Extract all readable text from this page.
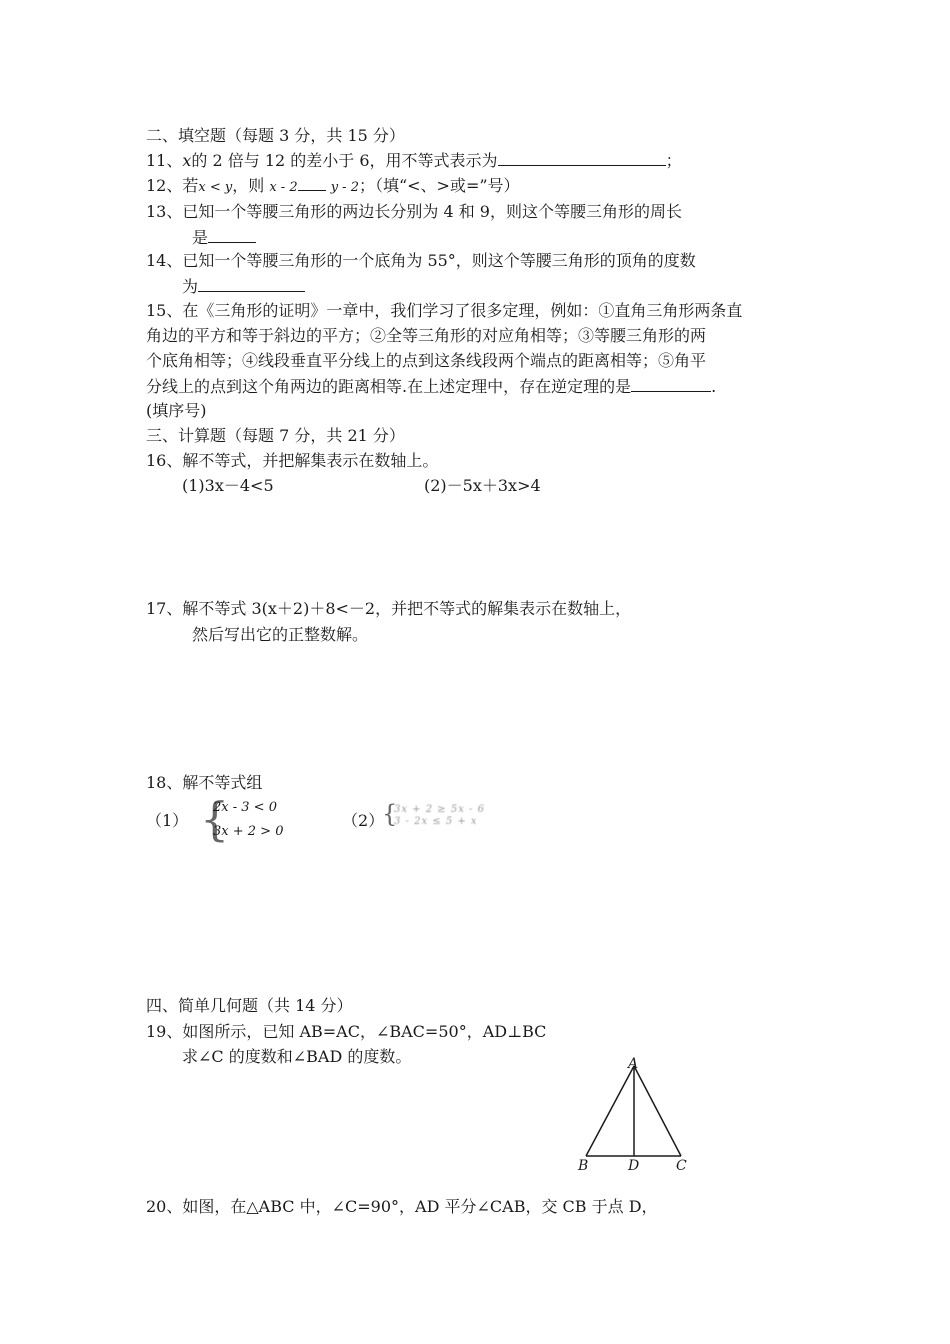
二、填空题（每题 3 分，共 15 分）
11、x的 2 倍与 12 的差小于 6，用不等式表示为	；
12、若x < y，则 x - 2	y - 2；（填“<、>或=”号）
13、已知一个等腰三角形的两边长分别为 4 和 9，则这个等腰三角形的周长
是
14、已知一个等腰三角形的一个底角为 55°，则这个等腰三角形的顶角的度数
为
15、在《三角形的证明》一章中，我们学习了很多定理，例如：①直角三角形两条直
角边的平方和等于斜边的平方；②全等三角形的对应角相等；③等腰三角形的两
个底角相等；④线段垂直平分线上的点到这条线段两个端点的距离相等；⑤角平
分线上的点到这个角两边的距离相等.在上述定理中，存在逆定理的是	.
(填序号)
三、计算题（每题 7 分，共 21 分）
16、解不等式，并把解集表示在数轴上。
(1)3x－4<5	(2)－5x＋3x>4
17、解不等式 3(x＋2)＋8<－2，并把不等式的解集表示在数轴上，
然后写出它的正整数解。
18、解不等式组
（1） {
2x - 3 < 0
3x + 2 > 0
（2）
{
3x + 2 ≥ 5x - 6
3 - 2x ≤ 5 + x
四、简单几何题（共 14 分）
19、如图所示，已知 AB=AC，∠BAC=50°，AD⊥BC
求∠C 的度数和∠BAD 的度数。	A
B	D	C
20、如图，在△ABC 中，∠C=90°，AD 平分∠CAB，交 CB 于点 D，
